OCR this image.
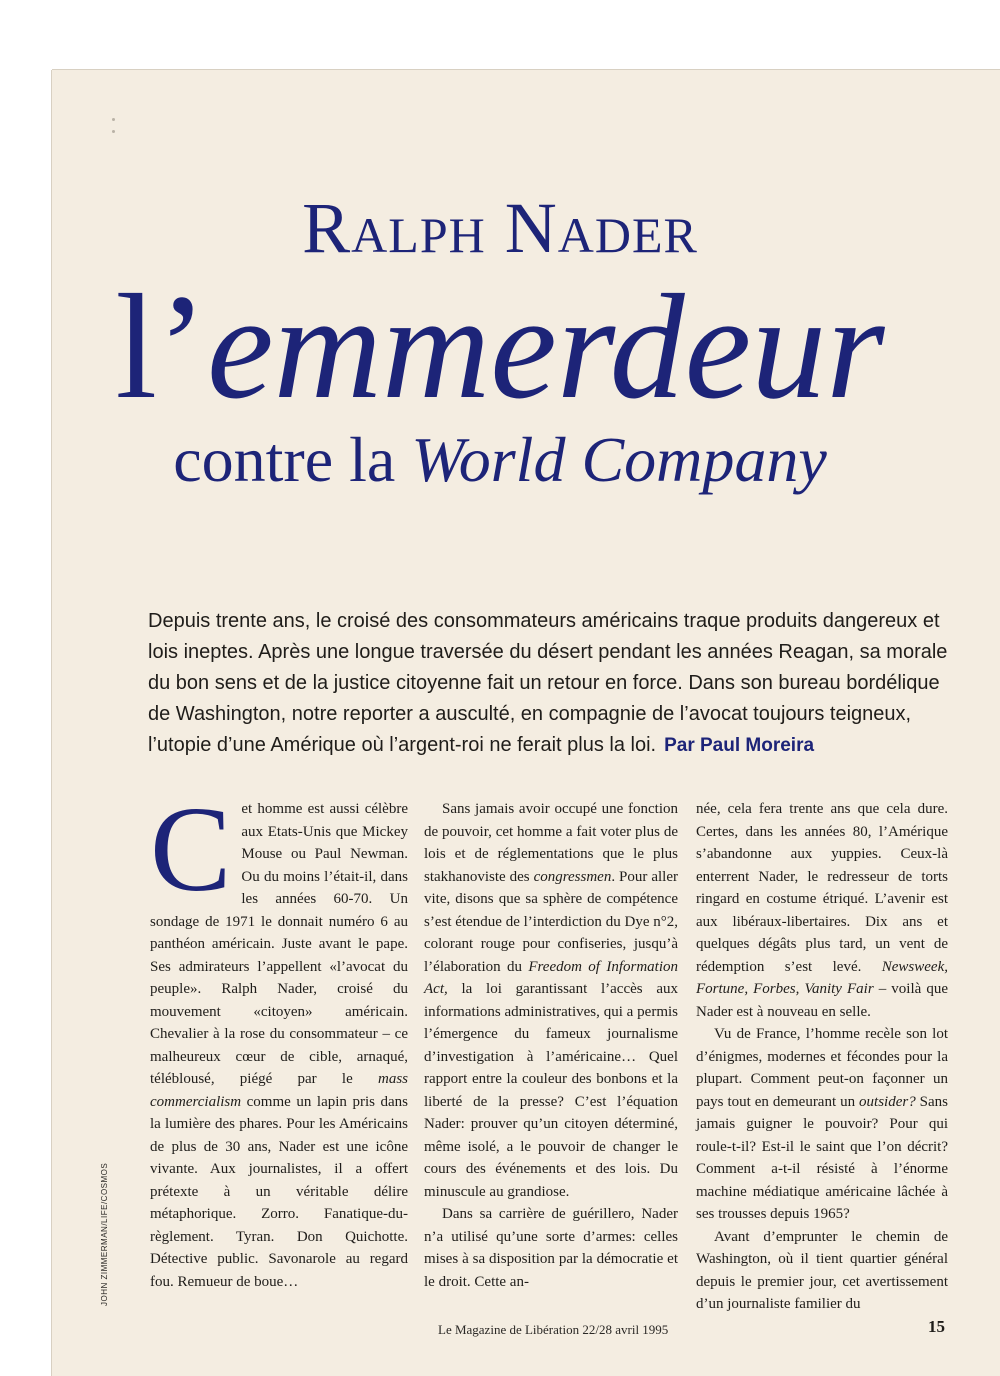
Ralph Nader
l’emmerdeur
contre la World Company
Depuis trente ans, le croisé des consommateurs américains traque produits dangereux et lois ineptes. Après une longue traversée du désert pendant les années Reagan, sa morale du bon sens et de la justice citoyenne fait un retour en force. Dans son bureau bordélique de Washington, notre reporter a ausculté, en compagnie de l’avocat toujours teigneux, l’utopie d’une Amérique où l’argent-roi ne ferait plus la loi. Par Paul Moreira

Cet homme est aussi célèbre aux Etats-Unis que Mickey Mouse ou Paul Newman. Ou du moins l’était-il, dans les années 60-70. Un sondage de 1971 le donnait numéro 6 au panthéon américain. Juste avant le pape. Ses admirateurs l’appellent «l’avocat du peuple». Ralph Nader, croisé du mouvement «citoyen» américain. Chevalier à la rose du consommateur – ce malheureux cœur de cible, arnaqué, téléblousé, piégé par le mass commercialism comme un lapin pris dans la lumière des phares. Pour les Américains de plus de 30 ans, Nader est une icône vivante. Aux journalistes, il a offert prétexte à un véritable délire métaphorique. Zorro. Fanatique-du-règlement. Tyran. Don Quichotte. Détective public. Savonarole au regard fou. Remueur de boue…

Sans jamais avoir occupé une fonction de pouvoir, cet homme a fait voter plus de lois et de réglementations que le plus stakhanoviste des congressmen. Pour aller vite, disons que sa sphère de compétence s’est étendue de l’interdiction du Dye n°2, colorant rouge pour confiseries, jusqu’à l’élaboration du Freedom of Information Act, la loi garantissant l’accès aux informations administratives, qui a permis l’émergence du fameux journalisme d’investigation à l’américaine… Quel rapport entre la couleur des bonbons et la liberté de la presse? C’est l’équation Nader: prouver qu’un citoyen déterminé, même isolé, a le pouvoir de changer le cours des événements et des lois. Du minuscule au grandiose.

Dans sa carrière de guérillero, Nader n’a utilisé qu’une sorte d’armes: celles mises à sa disposition par la démocratie et le droit. Cette an-

née, cela fera trente ans que cela dure. Certes, dans les années 80, l’Amérique s’abandonne aux yuppies. Ceux-là enterrent Nader, le redresseur de torts ringard en costume étriqué. L’avenir est aux libéraux-libertaires. Dix ans et quelques dégâts plus tard, un vent de rédemption s’est levé. Newsweek, Fortune, Forbes, Vanity Fair – voilà que Nader est à nouveau en selle.

Vu de France, l’homme recèle son lot d’énigmes, modernes et fécondes pour la plupart. Comment peut-on façonner un pays tout en demeurant un outsider? Sans jamais guigner le pouvoir? Pour qui roule-t-il? Est-il le saint que l’on décrit? Comment a-t-il résisté à l’énorme machine médiatique américaine lâchée à ses trousses depuis 1965?

Avant d’emprunter le chemin de Washington, où il tient quartier général depuis le premier jour, cet avertissement d’un journaliste familier du

JOHN ZIMMERMAN/LIFE/COSMOS
Le Magazine de Libération 22/28 avril 1995	15
